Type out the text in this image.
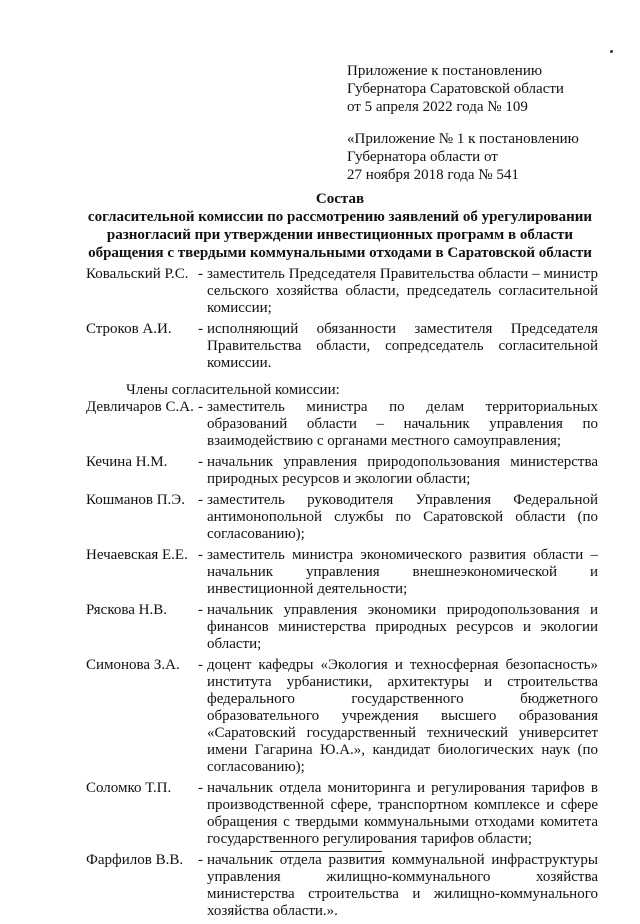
Приложение к постановлению
Губернатора Саратовской области
от 5 апреля 2022 года № 109
«Приложение № 1 к постановлению
Губернатора области от
27 ноября 2018 года № 541
Состав
согласительной комиссии по рассмотрению заявлений об урегулировании
разногласий при утверждении инвестиционных программ в области
обращения с твердыми коммунальными отходами в Саратовской области
Ковальский Р.С. - заместитель Председателя Правительства области – министр сельского хозяйства области, председатель согласительной комиссии;
Строков А.И.	- исполняющий обязанности заместителя Председателя Правительства области, сопредседатель согласительной комиссии.
Члены согласительной комиссии:
Девличаров С.А. - заместитель министра по делам территориальных образований области – начальник управления по взаимодействию с органами местного самоуправления;
Кечина Н.М.	- начальник управления природопользования министерства природных ресурсов и экологии области;
Кошманов П.Э. - заместитель руководителя Управления Федеральной антимонопольной службы по Саратовской области (по согласованию);
Нечаевская Е.Е. - заместитель министра экономического развития области – начальник управления внешнеэкономической и инвестиционной деятельности;
Ряскова Н.В.	- начальник управления экономики природопользования и финансов министерства природных ресурсов и экологии области;
Симонова З.А.	- доцент кафедры «Экология и техносферная безопасность» института урбанистики, архитектуры и строительства федерального государственного бюджетного образовательного учреждения высшего образования «Саратовский государственный технический университет имени Гагарина Ю.А.», кандидат биологических наук (по согласованию);
Соломко Т.П.	- начальник отдела мониторинга и регулирования тарифов в производственной сфере, транспортном комплексе и сфере обращения с твердыми коммунальными отходами комитета государственного регулирования тарифов области;
Фарфилов В.В. - начальник отдела развития коммунальной инфраструктуры управления жилищно-коммунального хозяйства министерства строительства и жилищно-коммунального хозяйства области.».
